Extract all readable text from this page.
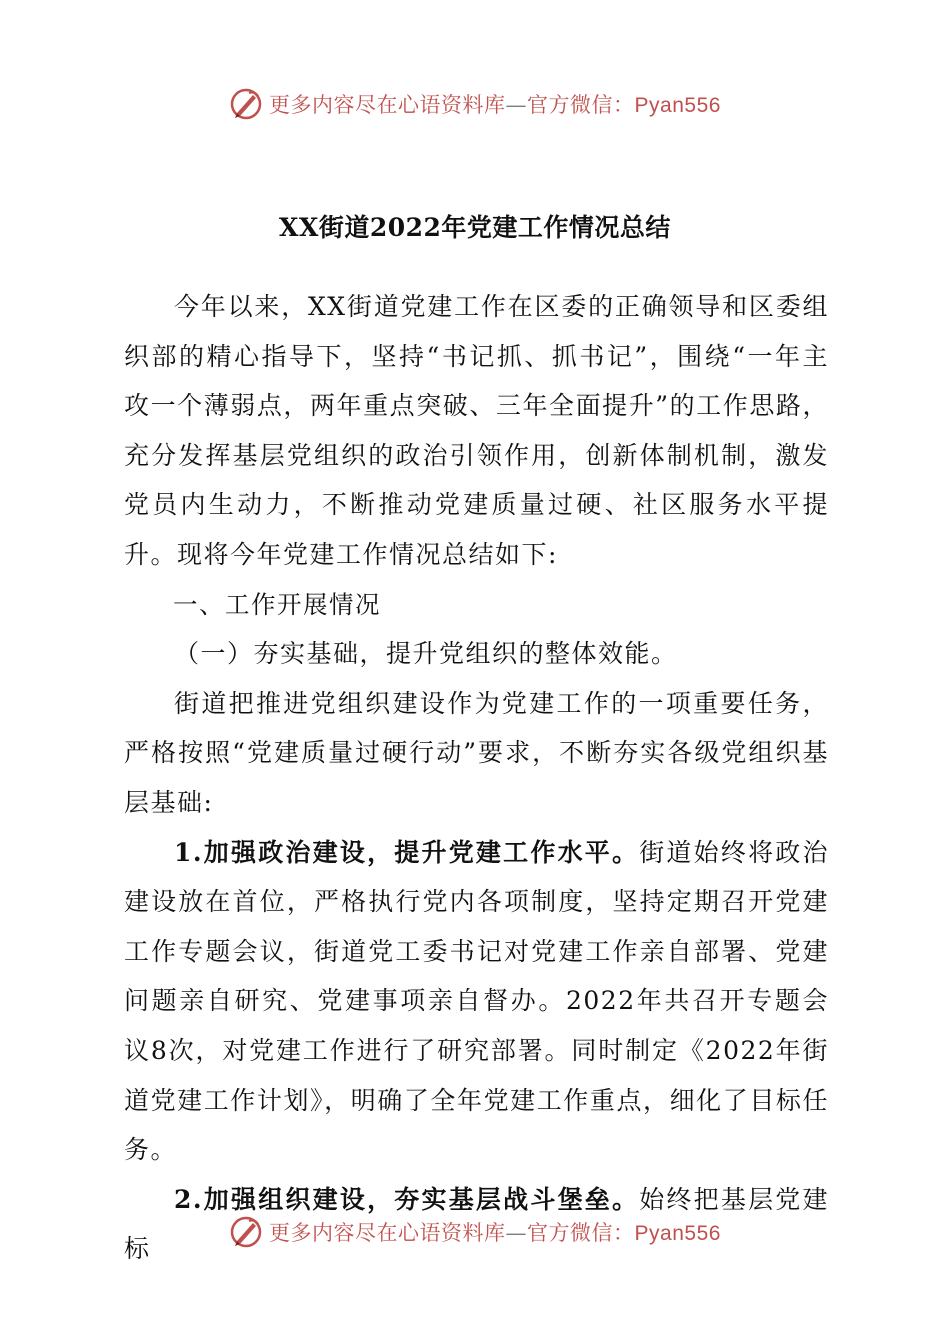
更多内容尽在心语资料库—官方微信：Pyan556
XX街道2022年党建工作情况总结

今年以来，XX街道党建工作在区委的正确领导和区委组织部的精心指导下，坚持“书记抓、抓书记”，围绕“一年主攻一个薄弱点，两年重点突破、三年全面提升”的工作思路，充分发挥基层党组织的政治引领作用，创新体制机制，激发党员内生动力，不断推动党建质量过硬、社区服务水平提升。现将今年党建工作情况总结如下:

一、工作开展情况

（一）夯实基础，提升党组织的整体效能。

街道把推进党组织建设作为党建工作的一项重要任务，严格按照“党建质量过硬行动”要求，不断夯实各级党组织基层基础:

1.加强政治建设，提升党建工作水平。街道始终将政治建设放在首位，严格执行党内各项制度，坚持定期召开党建工作专题会议，街道党工委书记对党建工作亲自部署、党建问题亲自研究、党建事项亲自督办。2022年共召开专题会议8次，对党建工作进行了研究部署。同时制定《2022年街道党建工作计划》，明确了全年党建工作重点，细化了目标任务。

2.加强组织建设，夯实基层战斗堡垒。始终把基层党建标

更多内容尽在心语资料库—官方微信：Pyan556
